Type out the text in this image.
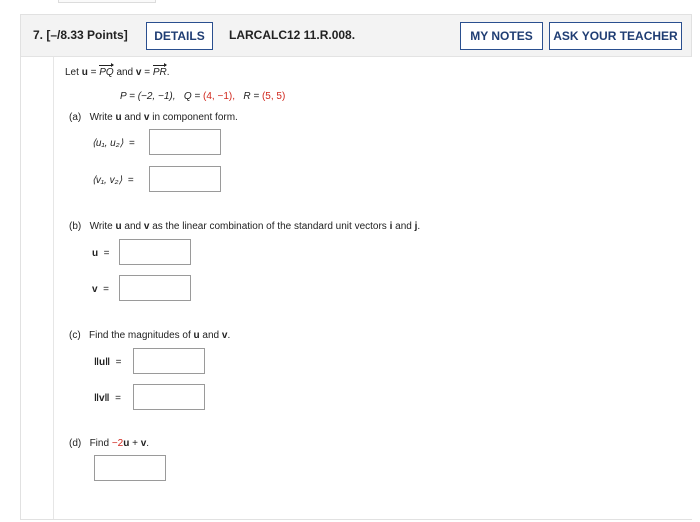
7. [–/8.33 Points]	DETAILS	LARCALC12 11.R.008.	MY NOTES	ASK YOUR TEACHER
Let u = PQ and v = PR.
P = (−2, −1), Q = (4, −1), R = (5, 5)
(a) Write u and v in component form.
⟨u₁, u₂⟩ =
⟨v₁, v₂⟩ =
(b) Write u and v as the linear combination of the standard unit vectors i and j.
u =
v =
(c) Find the magnitudes of u and v.
‖u‖ =
‖v‖ =
(d) Find −2u + v.
